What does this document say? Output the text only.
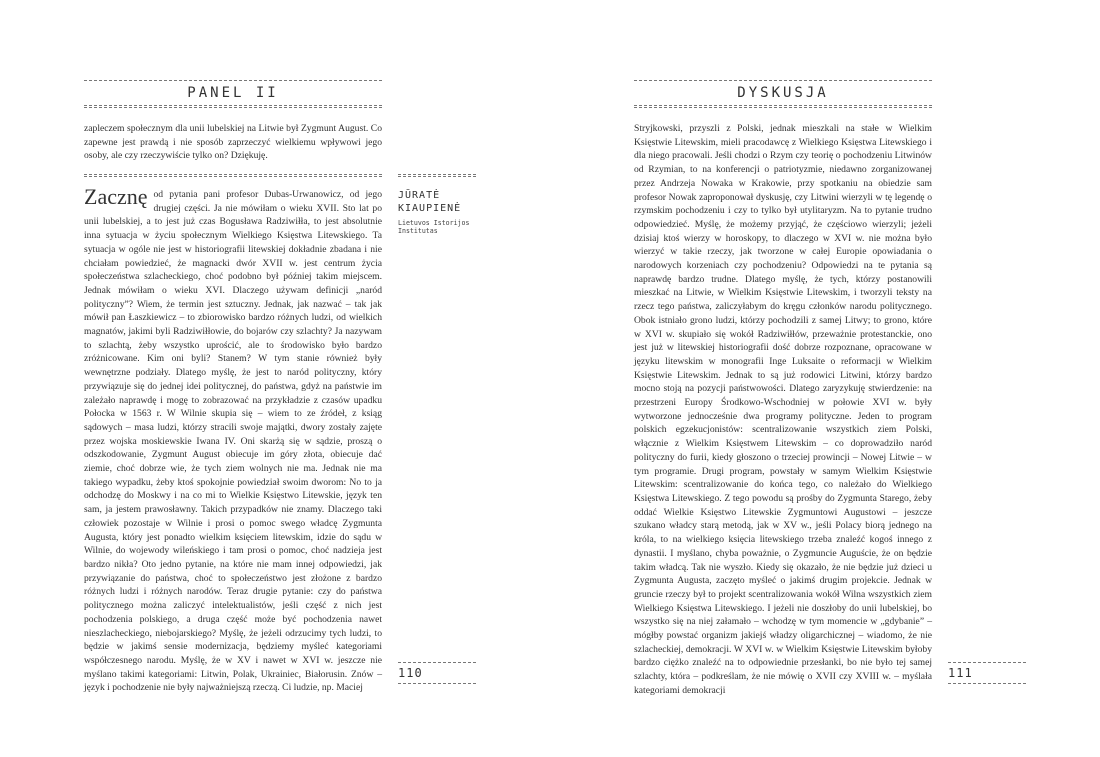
PANEL II
zapleczem społecznym dla unii lubelskiej na Litwie był Zygmunt August. Co zapewne jest prawdą i nie sposób zaprzeczyć wielkiemu wpływowi jego osoby, ale czy rzeczywiście tylko on? Dziękuję.
Zacznę od pytania pani profesor Dubas-Urwanowicz, od jego drugiej części. Ja nie mówiłam o wieku XVII. Sto lat po unii lubelskiej, a to jest już czas Bogusława Radziwiłła, to jest absolutnie inna sytuacja w życiu społecznym Wielkiego Księstwa Litewskiego. Ta sytuacja w ogóle nie jest w historiografii litewskiej dokładnie zbadana i nie chciałam powiedzieć, że magnacki dwór XVII w. jest centrum życia społeczeństwa szlacheckiego, choć podobno był później takim miejscem. Jednak mówiłam o wieku XVI. Dlaczego używam definicji „naród polityczny”? Wiem, że termin jest sztuczny. Jednak, jak nazwać – tak jak mówił pan Łaszkiewicz – to zbiorowisko bardzo różnych ludzi, od wielkich magnatów, jakimi byli Radziwiłłowie, do bojarów czy szlachty? Ja nazywam to szlachtą, żeby wszystko uprościć, ale to środowisko było bardzo zróżnicowane. Kim oni byli? Stanem? W tym stanie również były wewnętrzne podziały. Dlatego myślę, że jest to naród polityczny, który przywiązuje się do jednej idei politycznej, do państwa, gdyż na państwie im zależało naprawdę i mogę to zobrazować na przykładzie z czasów upadku Połocka w 1563 r. W Wilnie skupia się – wiem to ze źródeł, z ksiąg sądowych – masa ludzi, którzy stracili swoje majątki, dwory zostały zajęte przez wojska moskiewskie Iwana IV. Oni skarżą się w sądzie, proszą o odszkodowanie, Zygmunt August obiecuje im góry złota, obiecuje dać ziemie, choć dobrze wie, że tych ziem wolnych nie ma. Jednak nie ma takiego wypadku, żeby ktoś spokojnie powiedział swoim dworom: No to ja odchodzę do Moskwy i na co mi to Wielkie Księstwo Litewskie, język ten sam, ja jestem prawosławny. Takich przypadków nie znamy. Dlaczego taki człowiek pozostaje w Wilnie i prosi o pomoc swego władcę Zygmunta Augusta, który jest ponadto wielkim księciem litewskim, idzie do sądu w Wilnie, do wojewody wileńskiego i tam prosi o pomoc, choć nadzieja jest bardzo nikła? Oto jedno pytanie, na które nie mam innej odpowiedzi, jak przywiązanie do państwa, choć to społeczeństwo jest złożone z bardzo różnych ludzi i różnych narodów. Teraz drugie pytanie: czy do państwa politycznego można zaliczyć intelektualistów, jeśli część z nich jest pochodzenia polskiego, a druga część może być pochodzenia nawet nieszlacheckiego, niebojarskiego? Myślę, że jeżeli odrzucimy tych ludzi, to będzie w jakimś sensie modernizacja, będziemy myśleć kategoriami współczesnego narodu. Myślę, że w XV i nawet w XVI w. jeszcze nie myślano takimi kategoriami: Litwin, Polak, Ukrainiec, Białorusin. Znów – język i pochodzenie nie były najważniejszą rzeczą. Ci ludzie, np. Maciej
JŪRATĖ KIAUPIENĖ
Lietuvos Istorijos Institutas
110
DYSKUSJA
Stryjkowski, przyszli z Polski, jednak mieszkali na stałe w Wielkim Księstwie Litewskim, mieli pracodawcę z Wielkiego Księstwa Litewskiego i dla niego pracowali. Jeśli chodzi o Rzym czy teorię o pochodzeniu Litwinów od Rzymian, to na konferencji o patriotyzmie, niedawno zorganizowanej przez Andrzeja Nowaka w Krakowie, przy spotkaniu na obiedzie sam profesor Nowak zaproponował dyskusję, czy Litwini wierzyli w tę legendę o rzymskim pochodzeniu i czy to tylko był utylitaryzm. Na to pytanie trudno odpowiedzieć. Myślę, że możemy przyjąć, że częściowo wierzyli; jeżeli dzisiaj ktoś wierzy w horoskopy, to dlaczego w XVI w. nie można było wierzyć w takie rzeczy, jak tworzone w całej Europie opowiadania o narodowych korzeniach czy pochodzeniu? Odpowiedzi na te pytania są naprawdę bardzo trudne. Dlatego myślę, że tych, którzy postanowili mieszkać na Litwie, w Wielkim Księstwie Litewskim, i tworzyli teksty na rzecz tego państwa, zaliczyłabym do kręgu członków narodu politycznego. Obok istniało grono ludzi, którzy pochodzili z samej Litwy; to grono, które w XVI w. skupiało się wokół Radziwiłłów, przeważnie protestanckie, ono jest już w litewskiej historiografii dość dobrze rozpoznane, opracowane w języku litewskim w monografii Inge Luksaite o reformacji w Wielkim Księstwie Litewskim. Jednak to są już rodowici Litwini, którzy bardzo mocno stoją na pozycji państwowości. Dlatego zaryzykuję stwierdzenie: na przestrzeni Europy Środkowo-Wschodniej w połowie XVI w. były wytworzone jednocześnie dwa programy polityczne. Jeden to program polskich egzekucjonistów: scentralizowanie wszystkich ziem Polski, włącznie z Wielkim Księstwem Litewskim – co doprowadziło naród polityczny do furii, kiedy głoszono o trzeciej prowincji – Nowej Litwie – w tym programie. Drugi program, powstały w samym Wielkim Księstwie Litewskim: scentralizowanie do końca tego, co należało do Wielkiego Księstwa Litewskiego. Z tego powodu są prośby do Zygmunta Starego, żeby oddać Wielkie Księstwo Litewskie Zygmuntowi Augustowi – jeszcze szukano władcy starą metodą, jak w XV w., jeśli Polacy biorą jednego na króla, to na wielkiego księcia litewskiego trzeba znaleźć kogoś innego z dynastii. I myślano, chyba poważnie, o Zygmuncie Auguście, że on będzie takim władcą. Tak nie wyszło. Kiedy się okazało, że nie będzie już dzieci u Zygmunta Augusta, zaczęto myśleć o jakimś drugim projekcie. Jednak w gruncie rzeczy był to projekt scentralizowania wokół Wilna wszystkich ziem Wielkiego Księstwa Litewskiego. I jeżeli nie doszłoby do unii lubelskiej, bo wszystko się na niej załamało – wchodzę w tym momencie w „gdybanie” – mógłby powstać organizm jakiejś władzy oligarchicznej – wiadomo, że nie szlacheckiej, demokracji. W XVI w. w Wielkim Księstwie Litewskim byłoby bardzo ciężko znaleźć na to odpowiednie przesłanki, bo nie było tej samej szlachty, która – podkreślam, że nie mówię o XVII czy XVIII w. – myślała kategoriami demokracji
111
